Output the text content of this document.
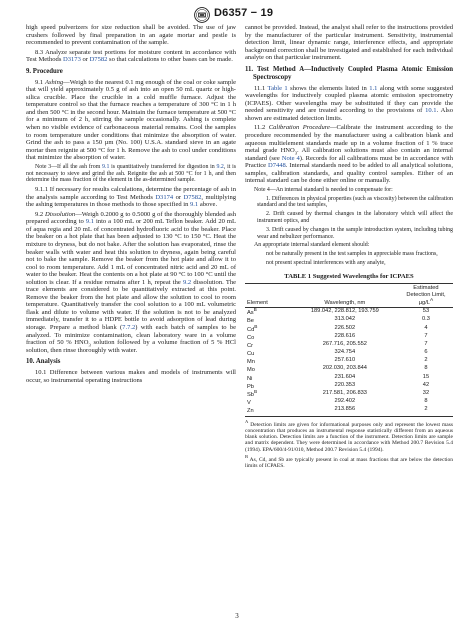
D6357 − 19

high speed pulverizers for size reduction shall be avoided. The use of jaw crushers followed by final preparation in an agate mortar and pestle is recommended to prevent contamination of the sample.

8.3 Analyze separate test portions for moisture content in accordance with Test Methods D3173 or D7582 so that calculations to other bases can be made.

9. Procedure

9.1 Ashing—Weigh to the nearest 0.1 mg enough of the coal or coke sample that will yield approximately 0.5 g of ash into an open 50 mL quartz or high-silica crucible. Place the crucible in a cold muffle furnace. Adjust the temperature control so that the furnace reaches a temperature of 300 °C in 1 h and then 500 °C in the second hour. Maintain the furnace temperature at 500 °C for a minimum of 2 h, stirring the sample occasionally. Ashing is complete when no visible evidence of carbonaceous material remains. Cool the samples to room temperature under conditions that minimize the absorption of water. Grind the ash to pass a 150 µm (No. 100) U.S.A. standard sieve in an agate mortar then reignite at 500 °C for 1 h. Remove the ash to cool under conditions that minimize the absorption of water.

Note 3—If all the ash from 9.1 is quantitatively transferred for digestion in 9.2, it is not necessary to sieve and grind the ash. Reignite the ash at 500 °C for 1 h, and then determine the mass fraction of the element in the as-determined sample.

9.1.1 If necessary for results calculations, determine the percentage of ash in the analysis sample according to Test Methods D3174 or D7582, multiplying the ashing temperatures in those methods to those specified in 9.1 above.

9.2 Dissolution—Weigh 0.2000 g to 0.5000 g of the thoroughly blended ash prepared according to 9.1 into a 100 mL or 200 mL Teflon beaker. Add 20 mL of aqua regia and 20 mL of concentrated hydrofluoric acid to the beaker. Place the beaker on a hot plate that has been adjusted to 130 °C to 150 °C. Heat the mixture to dryness, but do not bake. After the solution has evaporated, rinse the beaker walls with water and heat this solution to dryness, again being careful not to bake the sample. Remove the beaker from the hot plate and allow it to cool to room temperature. Add 1 mL of concentrated nitric acid and 20 mL of water to the beaker. Heat the contents on a hot plate at 90 °C to 100 °C until the solution is clear. If a residue remains after 1 h, repeat the 9.2 dissolution. The trace elements are considered to be quantitatively extracted at this point. Remove the beaker from the hot plate and allow the solution to cool to room temperature. Quantitatively transfer the cool solution to a 100 mL volumetric flask and dilute to volume with water. If the solution is not to be analyzed immediately, transfer it to a HDPE bottle to avoid adsorption of lead during storage. Prepare a method blank (7.7.2) with each batch of samples to be analyzed. To minimize contamination, clean laboratory ware in a volume fraction of 50 % $HNO_3$ solution followed by a volume fraction of 5 % HCl solution, then rinse thoroughly with water.

10. Analysis

10.1 Difference between various makes and models of instruments will occur, so instrumental operating instructions

cannot be provided. Instead, the analyst shall refer to the instructions provided by the manufacturer of the particular instrument. Sensitivity, instrumental detection limit, linear dynamic range, interference effects, and appropriate background correction shall be investigated and established for each individual analyte on that particular instrument.

11. Test Method A—Inductively Coupled Plasma Atomic Emission Spectroscopy

11.1 Table 1 shows the elements listed in 1.1 along with some suggested wavelengths for inductively coupled plasma atomic emission spectrometry (ICPAES). Other wavelengths may be substituted if they can provide the needed sensitivity and are treated according to the provisions of 10.1. Also shown are estimated detection limits.

11.2 Calibration Procedure—Calibrate the instrument according to the procedure recommended by the manufacturer using a calibration blank and aqueous multielement standards made up in a volume fraction of 1 % trace metal grade $HNO_3$. All calibration solutions must also contain an internal standard (see Note 4). Records for all calibrations must be in accordance with Practice D7448. Internal standards need to be added to all analytical solutions, samples, calibration standards, and quality control samples. Either of an internal standard can be done either online or manually.

Note 4—An internal standard is needed to compensate for:

1. Differences in physical properties (such as viscosity) between the calibration standard and the test samples,

2. Drift caused by thermal changes in the laboratory which will affect the instrument optics, and

3. Drift caused by changes in the sample introduction system, including tubing wear and nebulizer performance.

An appropriate internal standard element should:

not be naturally present in the test samples in appreciable mass fractions,

not present spectral interferences with any analyte,

TABLE 1 Suggested Wavelengths for ICPAES
Element	Wavelength, nm	Estimated Detection Limit, $\mu g/L^A$
$As^B$	189.042, 228.812, 193.759	53
Be	313.042	0.3
$Cd^B$	226.502	4
Co	228.616	7
Cr	267.716, 205.552	7
Cu	324.754	6
Mn	257.610	2
Mo	202.030, 203.844	8
Ni	231.604	15
Pb	220.353	42
$Sb^B$	217.581, 206.833	32
V	292.402	8
Zn	213.856	2

$^A$ Detection limits are given for informational purposes only and represent the lowest mass concentration that produces an instrumental response statistically different from an aqueous blank solution. Detection limits are a function of the instrument. Detection limits are sample and matrix dependent. They were determined in accordance with Method 200.7 Revision 5.4 (1994). EPA/600/4-91/010, Method 200.7 Revision 5.4 (1994).

$^B$ As, Cd, and Sb are typically present in coal at mass fractions that are below the detection limits of ICPAES.

3
